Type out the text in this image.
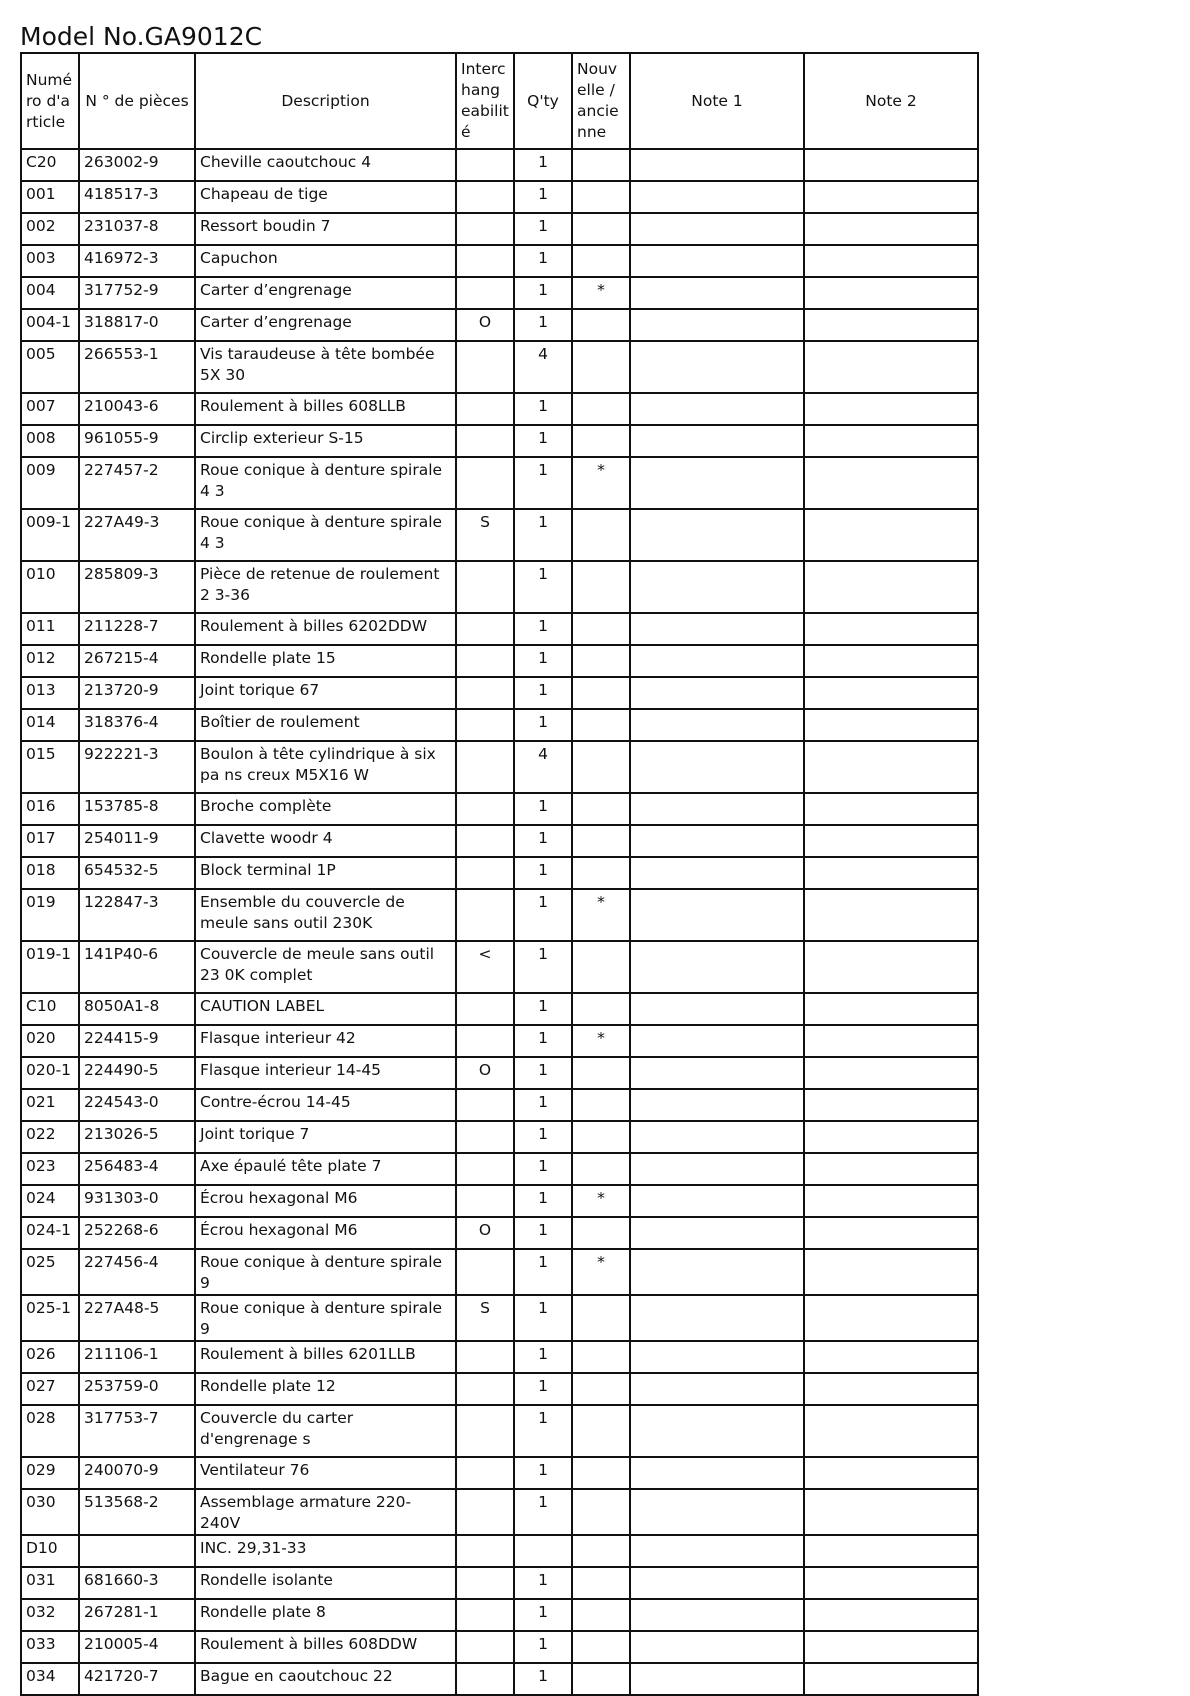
Model No.GA9012C
Numé ro d'a rticle	N ° de pièces	Description	Interc hang eabilit é	Q'ty	Nouv elle / ancie nne	Note 1	Note 2
C20	263002-9	Cheville caoutchouc 4		1			
001	418517-3	Chapeau de tige		1			
002	231037-8	Ressort boudin 7		1			
003	416972-3	Capuchon		1			
004	317752-9	Carter d’engrenage		1	*		
004-1	318817-0	Carter d’engrenage	O	1			
005	266553-1	Vis taraudeuse à tête bombée 5X 30		4			
007	210043-6	Roulement à billes 608LLB		1			
008	961055-9	Circlip exterieur S-15		1			
009	227457-2	Roue conique à denture spirale 4 3		1	*		
009-1	227A49-3	Roue conique à denture spirale 4 3	S	1			
010	285809-3	Pièce de retenue de roulement 2 3-36		1			
011	211228-7	Roulement à billes 6202DDW		1			
012	267215-4	Rondelle plate 15		1			
013	213720-9	Joint torique 67		1			
014	318376-4	Boîtier de roulement		1			
015	922221-3	Boulon à tête cylindrique à six pa ns creux M5X16 W		4			
016	153785-8	Broche complète		1			
017	254011-9	Clavette woodr 4		1			
018	654532-5	Block terminal 1P		1			
019	122847-3	Ensemble du couvercle de meule sans outil 230K		1	*		
019-1	141P40-6	Couvercle de meule sans outil 23 0K complet	<	1			
C10	8050A1-8	CAUTION LABEL		1			
020	224415-9	Flasque interieur 42		1	*		
020-1	224490-5	Flasque interieur 14-45	O	1			
021	224543-0	Contre-écrou 14-45		1			
022	213026-5	Joint torique 7		1			
023	256483-4	Axe épaulé tête plate 7		1			
024	931303-0	Écrou hexagonal M6		1	*		
024-1	252268-6	Écrou hexagonal M6	O	1			
025	227456-4	Roue conique à denture spirale 9		1	*		
025-1	227A48-5	Roue conique à denture spirale 9	S	1			
026	211106-1	Roulement à billes 6201LLB		1			
027	253759-0	Rondelle plate 12		1			
028	317753-7	Couvercle du carter d'engrenage s		1			
029	240070-9	Ventilateur 76		1			
030	513568-2	Assemblage armature 220-240V		1			
D10		INC. 29,31-33					
031	681660-3	Rondelle isolante		1			
032	267281-1	Rondelle plate 8		1			
033	210005-4	Roulement à billes 608DDW		1			
034	421720-7	Bague en caoutchouc 22		1			
